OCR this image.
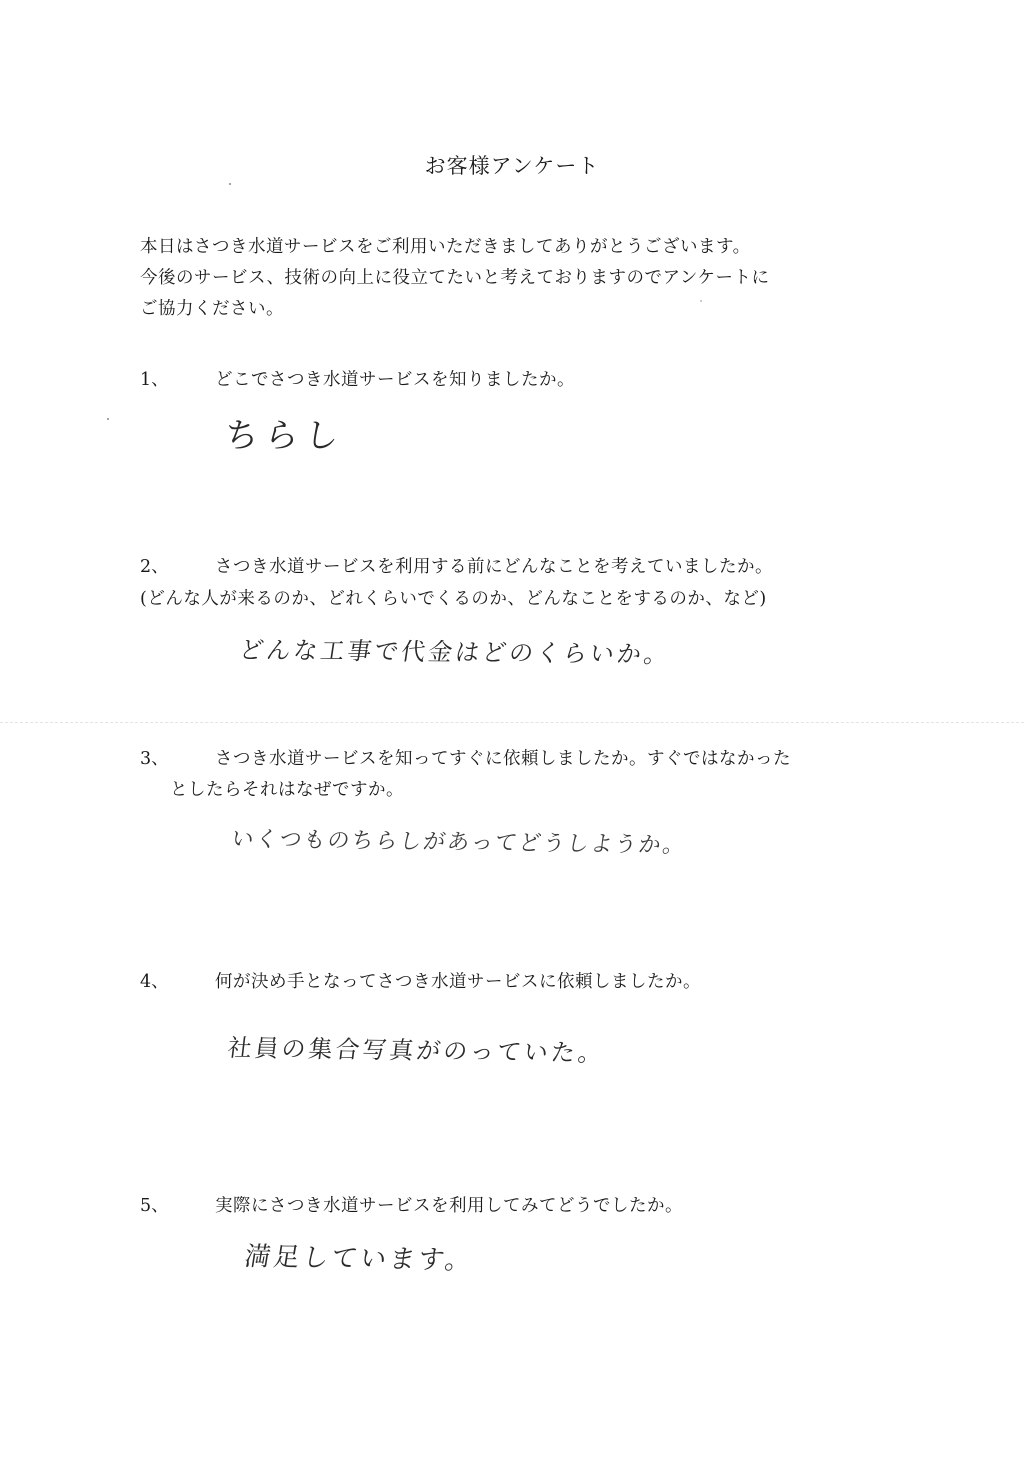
お客様アンケート
本日はさつき水道サービスをご利用いただきましてありがとうございます。
今後のサービス、技術の向上に役立てたいと考えておりますのでアンケートに
ご協力ください。
1、	どこでさつき水道サービスを知りましたか。
ちらし
2、	さつき水道サービスを利用する前にどんなことを考えていましたか。
(どんな人が来るのか、どれくらいでくるのか、どんなことをするのか、など)
どんな工事で代金はどのくらいか。
3、	さつき水道サービスを知ってすぐに依頼しましたか。すぐではなかった
としたらそれはなぜですか。
いくつものちらしがあってどうしようか。
4、	何が決め手となってさつき水道サービスに依頼しましたか。
社員の集合写真がのっていた。
5、	実際にさつき水道サービスを利用してみてどうでしたか。
満足しています。
